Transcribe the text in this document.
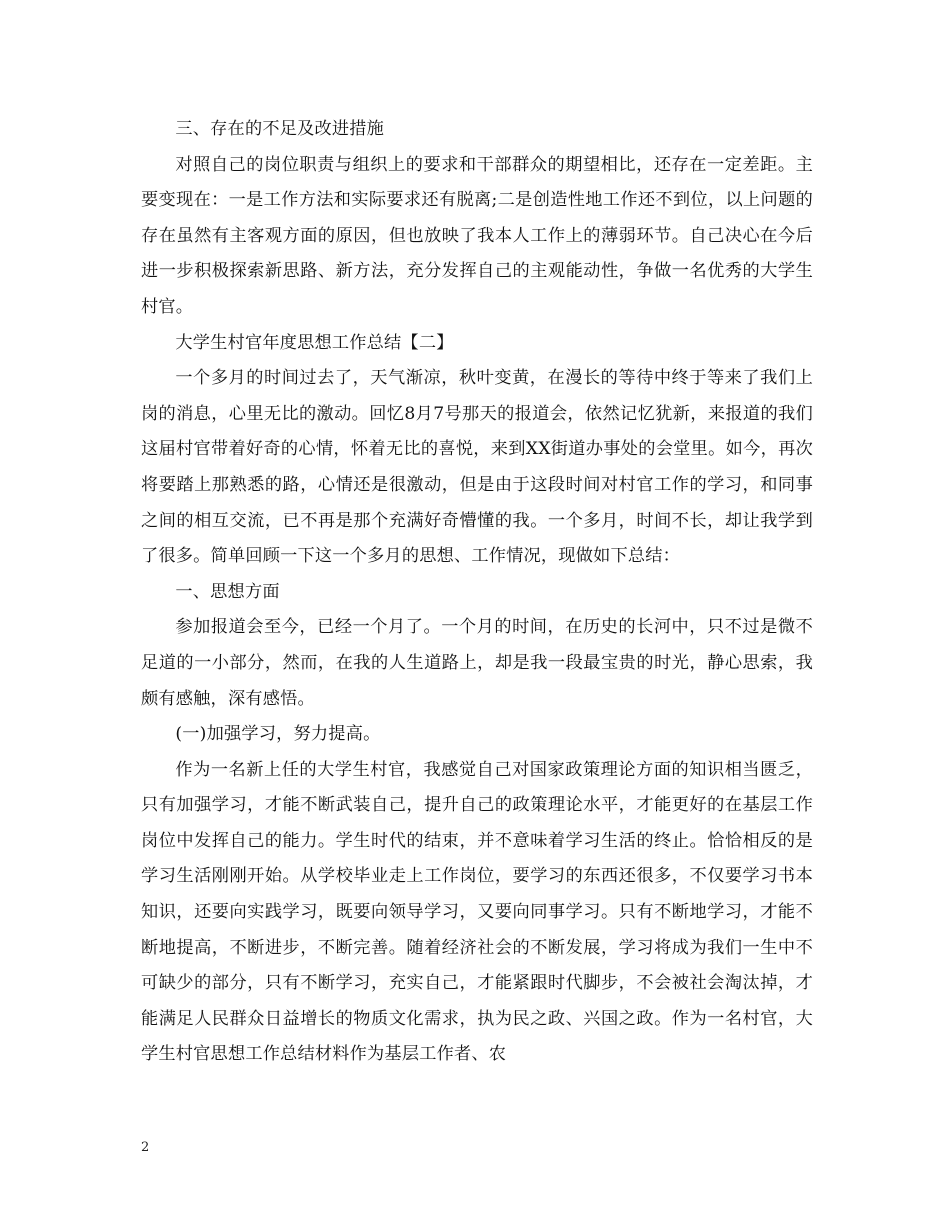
三、存在的不足及改进措施

对照自己的岗位职责与组织上的要求和干部群众的期望相比，还存在一定差距。主要变现在：一是工作方法和实际要求还有脱离;二是创造性地工作还不到位，以上问题的存在虽然有主客观方面的原因，但也放映了我本人工作上的薄弱环节。自己决心在今后进一步积极探索新思路、新方法，充分发挥自己的主观能动性，争做一名优秀的大学生村官。

大学生村官年度思想工作总结【二】

一个多月的时间过去了，天气渐凉，秋叶变黄，在漫长的等待中终于等来了我们上岗的消息，心里无比的激动。回忆8月7号那天的报道会，依然记忆犹新，来报道的我们这届村官带着好奇的心情，怀着无比的喜悦，来到XX街道办事处的会堂里。如今，再次将要踏上那熟悉的路，心情还是很激动，但是由于这段时间对村官工作的学习，和同事之间的相互交流，已不再是那个充满好奇懵懂的我。一个多月，时间不长，却让我学到了很多。简单回顾一下这一个多月的思想、工作情况，现做如下总结：

一、思想方面

参加报道会至今，已经一个月了。一个月的时间，在历史的长河中，只不过是微不足道的一小部分，然而，在我的人生道路上，却是我一段最宝贵的时光，静心思索，我颇有感触，深有感悟。

(一)加强学习，努力提高。

作为一名新上任的大学生村官，我感觉自己对国家政策理论方面的知识相当匮乏，只有加强学习，才能不断武装自己，提升自己的政策理论水平，才能更好的在基层工作岗位中发挥自己的能力。学生时代的结束，并不意味着学习生活的终止。恰恰相反的是学习生活刚刚开始。从学校毕业走上工作岗位，要学习的东西还很多，不仅要学习书本知识，还要向实践学习，既要向领导学习，又要向同事学习。只有不断地学习，才能不断地提高，不断进步，不断完善。随着经济社会的不断发展，学习将成为我们一生中不可缺少的部分，只有不断学习，充实自己，才能紧跟时代脚步，不会被社会淘汰掉，才能满足人民群众日益增长的物质文化需求，执为民之政、兴国之政。作为一名村官，大学生村官思想工作总结材料作为基层工作者、农

2
